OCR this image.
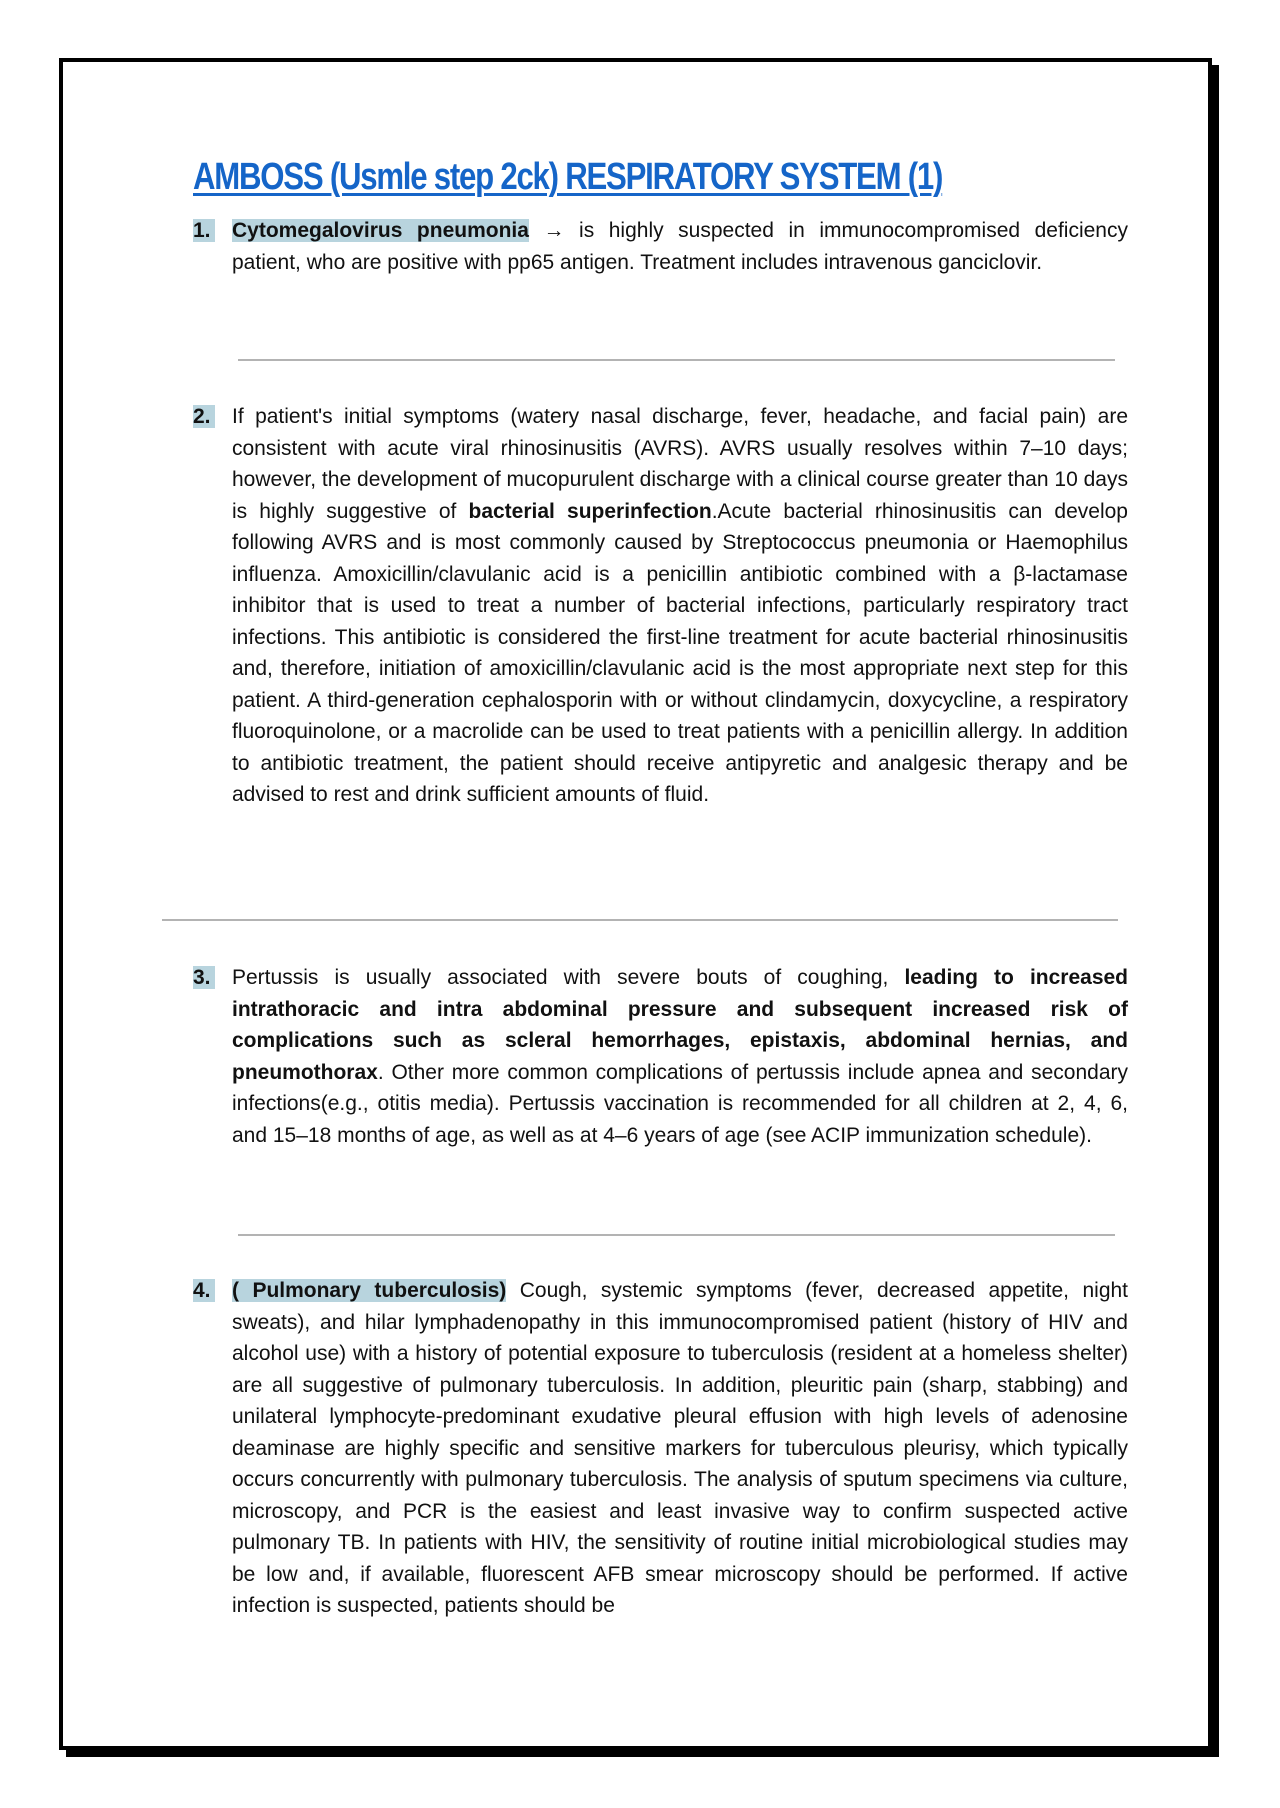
AMBOSS (Usmle step 2ck) RESPIRATORY SYSTEM (1)
1.	Cytomegalovirus pneumonia → is highly suspected in immunocompromised deficiency patient, who are positive with pp65 antigen. Treatment includes intravenous ganciclovir.
2.	If patient's initial symptoms (watery nasal discharge, fever, headache, and facial pain) are consistent with acute viral rhinosinusitis (AVRS). AVRS usually resolves within 7–10 days; however, the development of mucopurulent discharge with a clinical course greater than 10 days is highly suggestive of bacterial superinfection.Acute bacterial rhinosinusitis can develop following AVRS and is most commonly caused by Streptococcus pneumonia or Haemophilus influenza. Amoxicillin/clavulanic acid is a penicillin antibiotic combined with a β-lactamase inhibitor that is used to treat a number of bacterial infections, particularly respiratory tract infections. This antibiotic is considered the first-line treatment for acute bacterial rhinosinusitis and, therefore, initiation of amoxicillin/clavulanic acid is the most appropriate next step for this patient. A third-generation cephalosporin with or without clindamycin, doxycycline, a respiratory fluoroquinolone, or a macrolide can be used to treat patients with a penicillin allergy. In addition to antibiotic treatment, the patient should receive antipyretic and analgesic therapy and be advised to rest and drink sufficient amounts of fluid.
3.	Pertussis is usually associated with severe bouts of coughing, leading to increased intrathoracic and intra abdominal pressure and subsequent increased risk of complications such as scleral hemorrhages, epistaxis, abdominal hernias, and pneumothorax. Other more common complications of pertussis include apnea and secondary infections(e.g., otitis media). Pertussis vaccination is recommended for all children at 2, 4, 6, and 15–18 months of age, as well as at 4–6 years of age (see ACIP immunization schedule).
4.	( Pulmonary tuberculosis) Cough, systemic symptoms (fever, decreased appetite, night sweats), and hilar lymphadenopathy in this immunocompromised patient (history of HIV and alcohol use) with a history of potential exposure to tuberculosis (resident at a homeless shelter) are all suggestive of pulmonary tuberculosis. In addition, pleuritic pain (sharp, stabbing) and unilateral lymphocyte-predominant exudative pleural effusion with high levels of adenosine deaminase are highly specific and sensitive markers for tuberculous pleurisy, which typically occurs concurrently with pulmonary tuberculosis. The analysis of sputum specimens via culture, microscopy, and PCR is the easiest and least invasive way to confirm suspected active pulmonary TB. In patients with HIV, the sensitivity of routine initial microbiological studies may be low and, if available, fluorescent AFB smear microscopy should be performed. If active infection is suspected, patients should be
